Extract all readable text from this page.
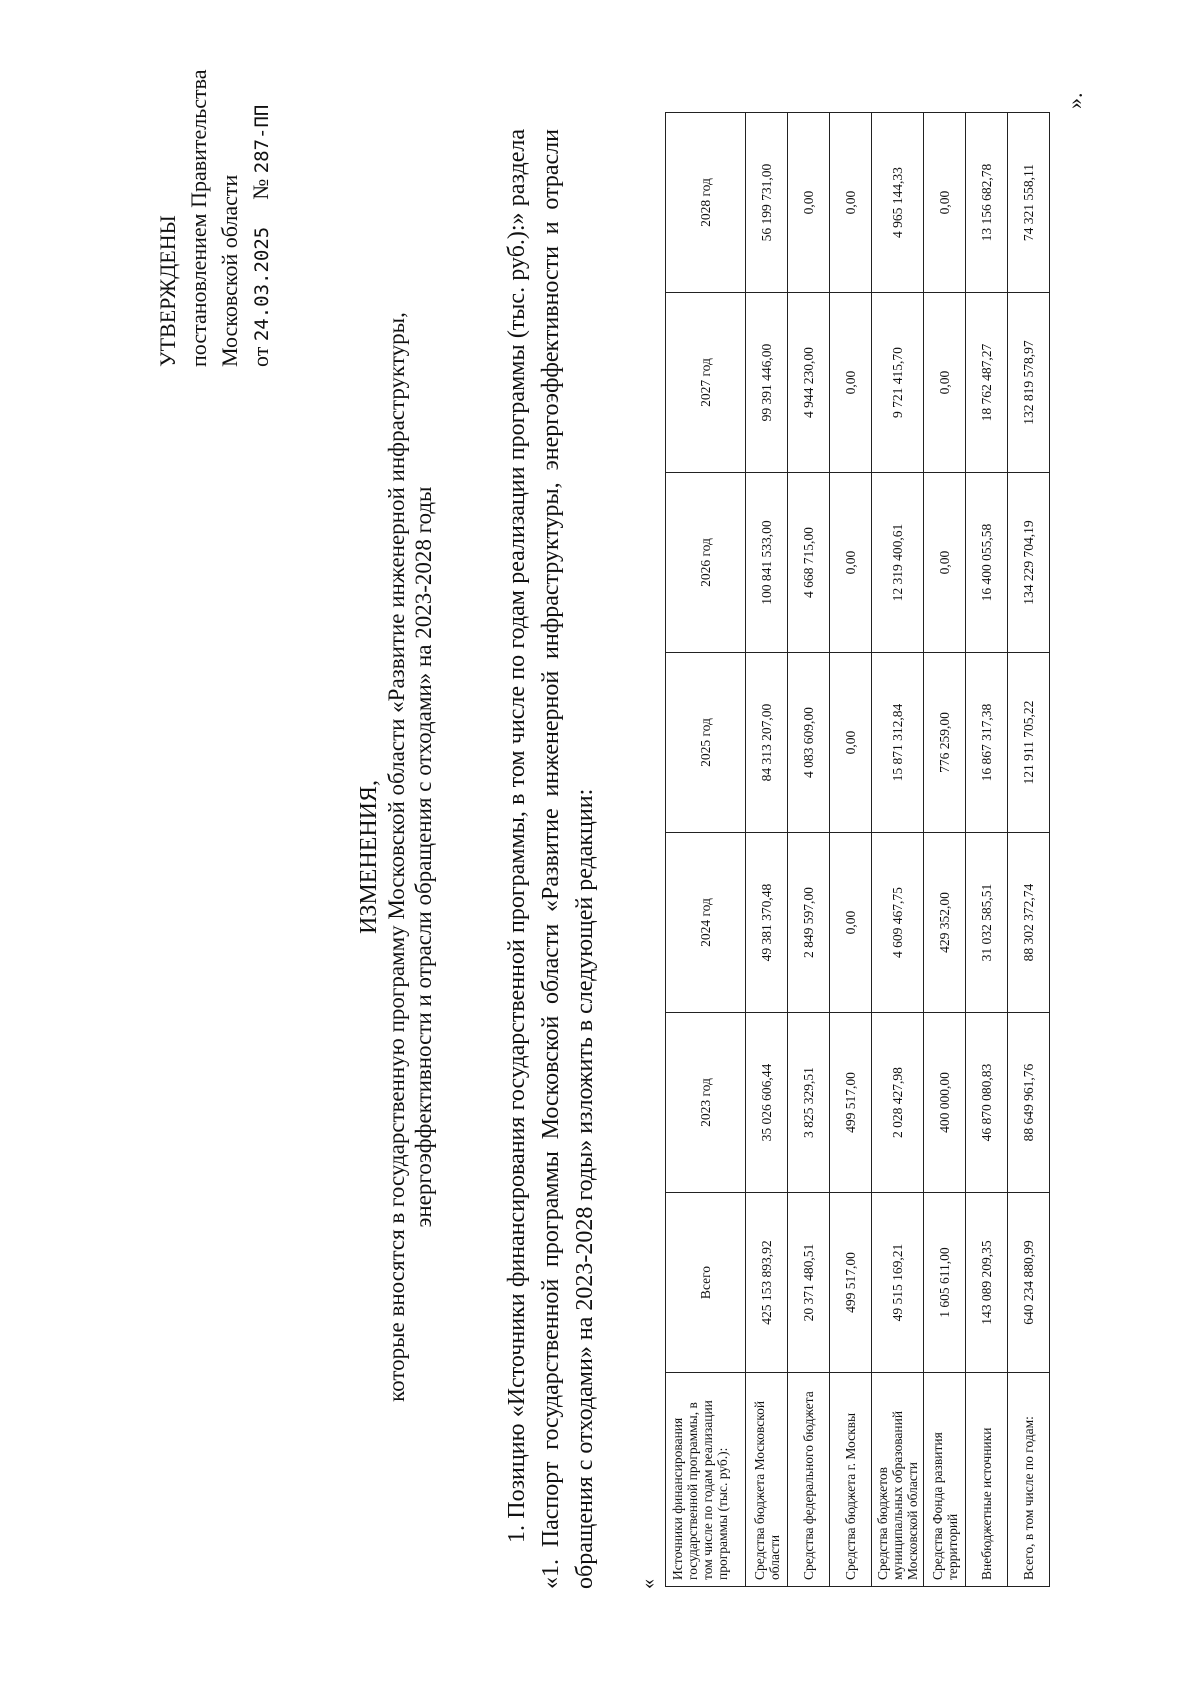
УТВЕРЖДЕНЫ постановлением Правительства Московской области от 24.03.2025  № 287-ПП
ИЗМЕНЕНИЯ, которые вносятся в государственную программу Московской области «Развитие инженерной инфраструктуры, энергоэффективности и отрасли обращения с отходами» на 2023-2028 годы	1. Позицию «Источники финансирования государственной программы, в том числе по годам реализации программы (тыс. руб.):» раздела «1. Паспорт государственной программы Московской области «Развитие инженерной инфраструктуры, энергоэффективности и отрасли обращения с отходами» на 2023-2028 годы» изложить в следующей редакции: «
Источники финансирования государственной программы, в том числе по годам реализации программы (тыс. руб.):	Всего	2023 год	2024 год	2025 год	2026 год	2027 год	2028 год
Средства бюджета Московской области	425 153 893,92	35 026 606,44	49 381 370,48	84 313 207,00	100 841 533,00	99 391 446,00	56 199 731,00
Средства федерального бюджета	20 371 480,51	3 825 329,51	2 849 597,00	4 083 609,00	4 668 715,00	4 944 230,00	0,00
Средства бюджета г. Москвы	499 517,00	499 517,00	0,00	0,00	0,00	0,00	0,00
Средства бюджетов муниципальных образований Московской области	49 515 169,21	2 028 427,98	4 609 467,75	15 871 312,84	12 319 400,61	9 721 415,70	4 965 144,33
Средства Фонда развития территорий	1 605 611,00	400 000,00	429 352,00	776 259,00	0,00	0,00	0,00
Внебюджетные источники	143 089 209,35	46 870 080,83	31 032 585,51	16 867 317,38	16 400 055,58	18 762 487,27	13 156 682,78
Всего, в том числе по годам:	640 234 880,99	88 649 961,76	88 302 372,74	121 911 705,22	134 229 704,19	132 819 578,97	74 321 558,11
».
